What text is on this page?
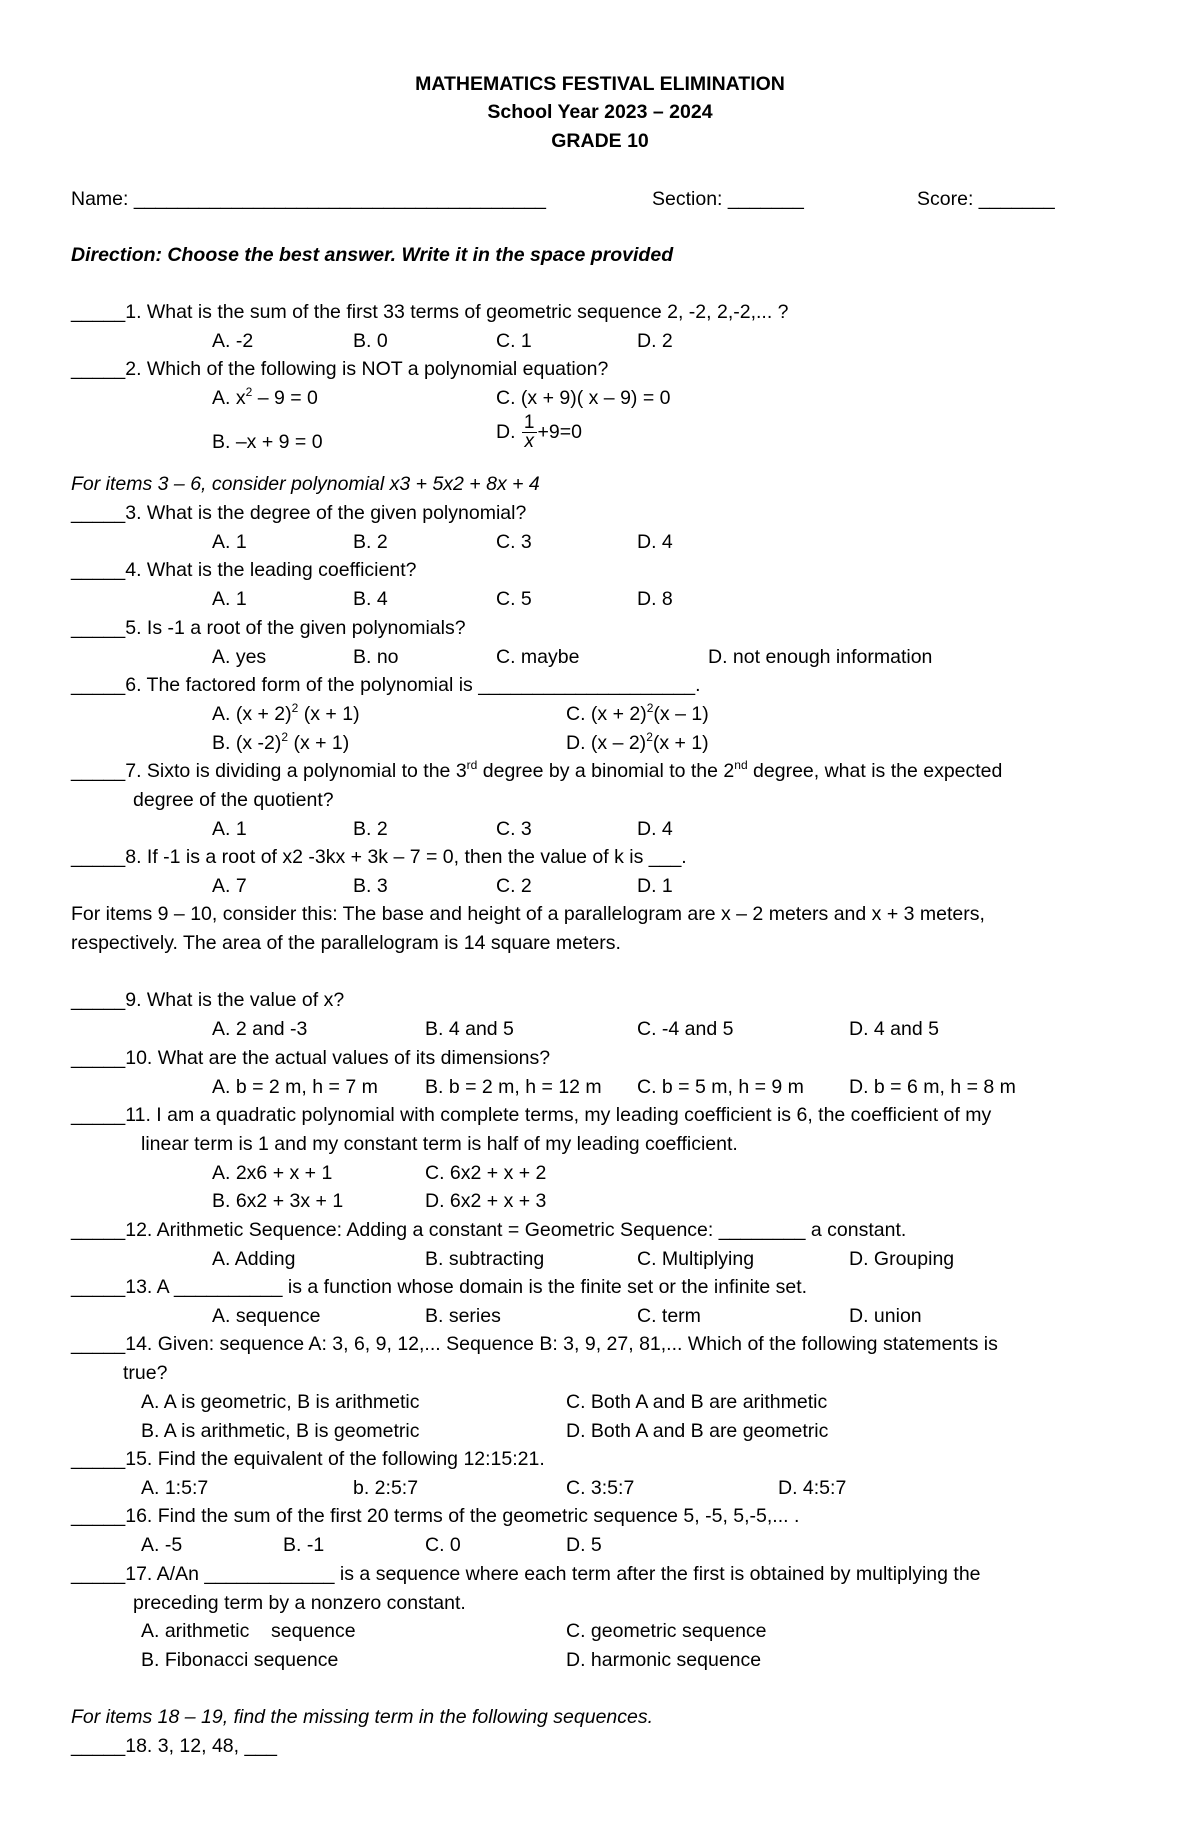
MATHEMATICS FESTIVAL ELIMINATION
School Year 2023 – 2024
GRADE 10
Name: ______________________________________	Section: _______	Score: _______
Direction: Choose the best answer. Write it in the space provided
_____1. What is the sum of the first 33 terms of geometric sequence 2, -2, 2,-2,... ?
A. -2	B. 0	C. 1	D. 2
_____2. Which of the following is NOT a polynomial equation?
A. $x^2 - 9 = 0$	C. (x + 9)( x – 9) = 0
B. –x + 9 = 0	D. $\frac{1}{x} +9=0$
For items 3 – 6, consider polynomial x3 + 5x2 + 8x + 4
_____3. What is the degree of the given polynomial?
A. 1	B. 2	C. 3	D. 4
_____4. What is the leading coefficient?
A. 1	B. 4	C. 5	D. 8
_____5. Is -1 a root of the given polynomials?
A. yes	B. no	C. maybe	D. not enough information
_____6. The factored form of the polynomial is ____________________.
A. $(x + 2)^2$ (x + 1)	C. $(x + 2)^2(x - 1)$
B. (x -2)$^2$ (x + 1)	D. (x – 2)$^2$(x + 1)
_____7. Sixto is dividing a polynomial to the 3rd degree by a binomial to the 2nd degree, what is the expected
degree of the quotient?
A. 1	B. 2	C. 3	D. 4
_____8. If -1 is a root of x2 -3kx + 3k – 7 = 0, then the value of k is ___.
A. 7	B. 3	C. 2	D. 1
For items 9 – 10, consider this: The base and height of a parallelogram are x – 2 meters and x + 3 meters,
respectively. The area of the parallelogram is 14 square meters.
_____9. What is the value of x?
A. 2 and -3	B. 4 and 5	C. -4 and 5	D. 4 and 5
_____10. What are the actual values of its dimensions?
A. b = 2 m, h = 7 m B. b = 2 m, h = 12 m C. b = 5 m, h = 9 m D. b = 6 m, h = 8 m
_____11. I am a quadratic polynomial with complete terms, my leading coefficient is 6, the coefficient of my
linear term is 1 and my constant term is half of my leading coefficient.
A. 2x6 + x + 1	C. 6x2 + x + 2
B. 6x2 + 3x + 1	D. 6x2 + x + 3
_____12. Arithmetic Sequence: Adding a constant = Geometric Sequence: ________ a constant.
A. Adding	B. subtracting	C. Multiplying	D. Grouping
_____13. A __________ is a function whose domain is the finite set or the infinite set.
A. sequence	B. series	C. term	D. union
_____14. Given: sequence A: 3, 6, 9, 12,... Sequence B: 3, 9, 27, 81,... Which of the following statements is
true?
A. A is geometric, B is arithmetic	C. Both A and B are arithmetic
B. A is arithmetic, B is geometric	D. Both A and B are geometric
_____15. Find the equivalent of the following 12:15:21.
A. 1:5:7	b. 2:5:7	C. 3:5:7	D. 4:5:7
_____16. Find the sum of the first 20 terms of the geometric sequence 5, -5, 5,-5,... .
A. -5	B. -1	C. 0	D. 5
_____17. A/An ____________ is a sequence where each term after the first is obtained by multiplying the
preceding term by a nonzero constant.
A. arithmetic    sequence	C. geometric sequence
B. Fibonacci sequence	D. harmonic sequence
For items 18 – 19, find the missing term in the following sequences.
_____18. 3, 12, 48, ___
